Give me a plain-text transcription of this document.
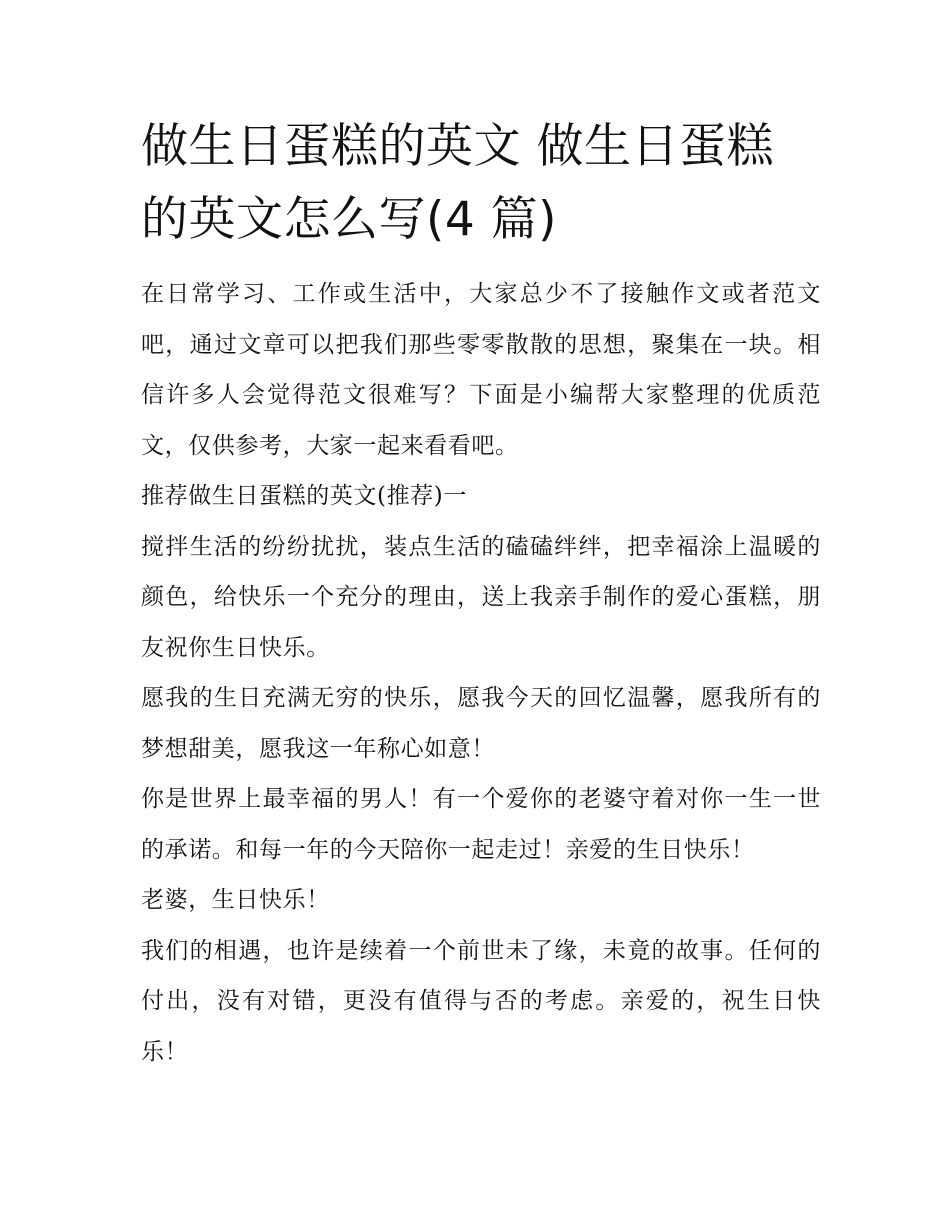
做生日蛋糕的英文 做生日蛋糕的英文怎么写(4 篇)

在日常学习、工作或生活中，大家总少不了接触作文或者范文吧，通过文章可以把我们那些零零散散的思想，聚集在一块。相信许多人会觉得范文很难写？下面是小编帮大家整理的优质范文，仅供参考，大家一起来看看吧。

推荐做生日蛋糕的英文(推荐)一

搅拌生活的纷纷扰扰，装点生活的磕磕绊绊，把幸福涂上温暖的颜色，给快乐一个充分的理由，送上我亲手制作的爱心蛋糕，朋友祝你生日快乐。

愿我的生日充满无穷的快乐，愿我今天的回忆温馨，愿我所有的梦想甜美，愿我这一年称心如意！

你是世界上最幸福的男人！有一个爱你的老婆守着对你一生一世的承诺。和每一年的今天陪你一起走过！亲爱的生日快乐！

老婆，生日快乐！

我们的相遇，也许是续着一个前世未了缘，未竟的故事。任何的付出，没有对错，更没有值得与否的考虑。亲爱的，祝生日快乐！
